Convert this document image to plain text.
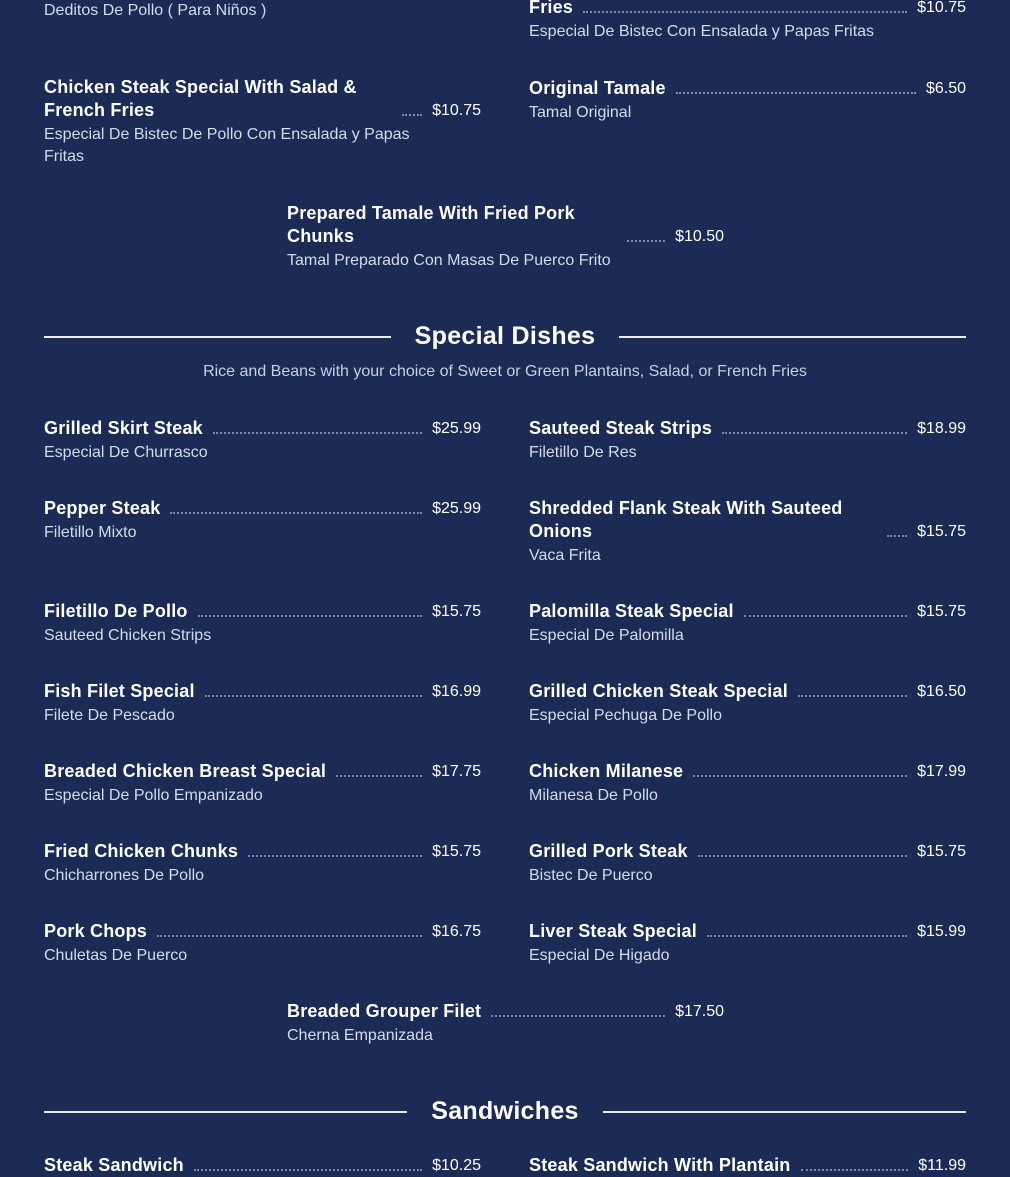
Deditos De Pollo ( Para Niños )	Fries	$10.75
Especial De Bistec Con Ensalada y Papas Fritas
Chicken Steak Special With Salad & French Fries	$10.75
Especial De Bistec De Pollo Con Ensalada y Papas Fritas
Original Tamale	$6.50
Tamal Original
Prepared Tamale With Fried Pork Chunks	$10.50
Tamal Preparado Con Masas De Puerco Frito
Special Dishes
Rice and Beans with your choice of Sweet or Green Plantains, Salad, or French Fries
Grilled Skirt Steak	$25.99
Especial De Churrasco
Sauteed Steak Strips	$18.99
Filetillo De Res
Pepper Steak	$25.99
Filetillo Mixto
Shredded Flank Steak With Sauteed Onions	$15.75
Vaca Frita
Filetillo De Pollo	$15.75
Sauteed Chicken Strips
Palomilla Steak Special	$15.75
Especial De Palomilla
Fish Filet Special	$16.99
Filete De Pescado
Grilled Chicken Steak Special	$16.50
Especial Pechuga De Pollo
Breaded Chicken Breast Special	$17.75
Especial De Pollo Empanizado
Chicken Milanese	$17.99
Milanesa De Pollo
Fried Chicken Chunks	$15.75
Chicharrones De Pollo
Grilled Pork Steak	$15.75
Bistec De Puerco
Pork Chops	$16.75
Chuletas De Puerco
Liver Steak Special	$15.99
Especial De Higado
Breaded Grouper Filet	$17.50
Cherna Empanizada
Sandwiches
Steak Sandwich	$10.25	Steak Sandwich With Plantain	$11.99
